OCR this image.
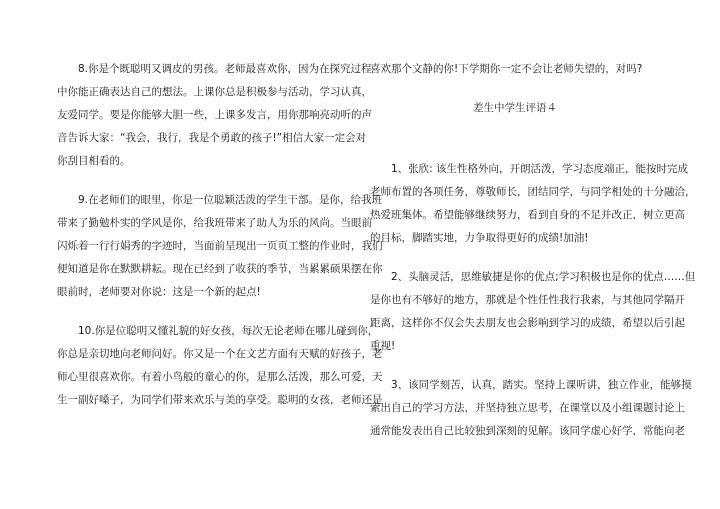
　　8.你是个既聪明又调皮的男孩。老师最喜欢你，因为在探究过程
中你能正确表达自己的想法。上课你总是积极参与活动，学习认真，
友爱同学。要是你能够大胆一些，上课多发言，用你那响亮动听的声
音告诉大家：“我会，我行，我是个勇敢的孩子!”相信大家一定会对
你刮目相看的。
　　9.在老师们的眼里，你是一位聪颖活泼的学生干部。是你，给我班
带来了勤勉朴实的学风是你，给我班带来了助人为乐的风尚。当眼前
闪烁着一行行娟秀的字迹时，当面前呈现出一页页工整的作业时，我们
便知道是你在默默耕耘。现在已经到了收获的季节，当累累硕果摆在你
眼前时，老师要对你说：这是一个新的起点!
　　10.你是位聪明又懂礼貌的好女孩，每次无论老师在哪儿碰到你，
你总是亲切地向老师问好。你又是一个在文艺方面有天赋的好孩子，老
师心里很喜欢你。有着小鸟般的童心的你，是那么活泼，那么可爱，天
生一副好嗓子，为同学们带来欢乐与美的享受。聪明的女孩，老师还是
喜欢那个文静的你!下学期你一定不会让老师失望的，对吗?
差生中学生评语４
　　1、张欣: 该生性格外向，开朗活泼，学习态度端正，能按时完成
老师布置的各项任务，尊敬师长，团结同学，与同学相处的十分融洽，
热爱班集体。希望能够继续努力，看到自身的不足并改正，树立更高
的目标，脚踏实地，力争取得更好的成绩!加油!
　　2、头脑灵活，思维敏捷是你的优点;学习积极也是你的优点……但
是你也有不够好的地方，那就是个性任性我行我素，与其他同学隔开
距离，这样你不仅会失去朋友也会影响到学习的成绩，希望以后引起
重视!
　　3、该同学刻苦，认真，踏实。坚持上课听讲，独立作业，能够摸
索出自己的学习方法，并坚持独立思考，在课堂以及小组课题讨论上
通常能发表出自己比较独到深刻的见解。该同学虚心好学，常能向老
